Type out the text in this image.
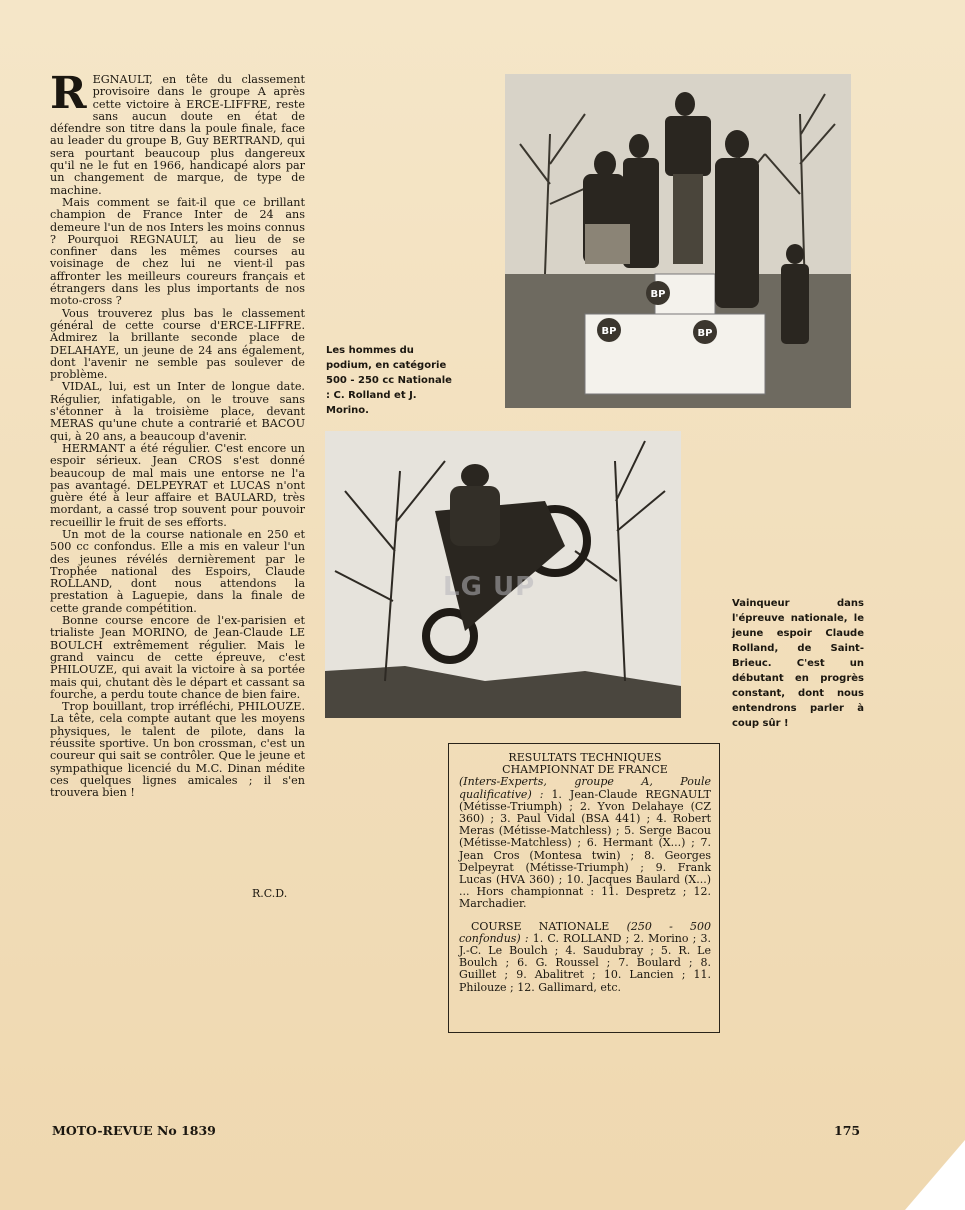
REGNAULT, en tête du classement provisoire dans le groupe A après cette victoire à ERCE-LIFFRE, reste sans aucun doute en état de défendre son titre dans la poule finale, face au leader du groupe B, Guy BERTRAND, qui sera pourtant beaucoup plus dangereux qu'il ne le fut en 1966, handicapé alors par un changement de marque, de type de machine.

Mais comment se fait-il que ce brillant champion de France Inter de 24 ans demeure l'un de nos Inters les moins connus ? Pourquoi REGNAULT, au lieu de se confiner dans les mêmes courses au voisinage de chez lui ne vient-il pas affronter les meilleurs coureurs français et étrangers dans les plus importants de nos moto-cross ?

Vous trouverez plus bas le classement général de cette course d'ERCE-LIFFRE. Admirez la brillante seconde place de DELAHAYE, un jeune de 24 ans également, dont l'avenir ne semble pas soulever de problème.

VIDAL, lui, est un Inter de longue date. Régulier, infatigable, on le trouve sans s'étonner à la troisième place, devant MERAS qu'une chute a contrarié et BACOU qui, à 20 ans, a beaucoup d'avenir.

HERMANT a été régulier. C'est encore un espoir sérieux. Jean CROS s'est donné beaucoup de mal mais une entorse ne l'a pas avantagé. DELPEYRAT et LUCAS n'ont guère été à leur affaire et BAULARD, très mordant, a cassé trop souvent pour pouvoir recueillir le fruit de ses efforts.

Un mot de la course nationale en 250 et 500 cc confondus. Elle a mis en valeur l'un des jeunes révélés dernièrement par le Trophée national des Espoirs, Claude ROLLAND, dont nous attendons la prestation à Laguepie, dans la finale de cette grande compétition.

Bonne course encore de l'ex-parisien et trialiste Jean MORINO, de Jean-Claude LE BOULCH extrêmement régulier. Mais le grand vaincu de cette épreuve, c'est PHILOUZE, qui avait la victoire à sa portée mais qui, chutant dès le départ et cassant sa fourche, a perdu toute chance de bien faire.

Trop bouillant, trop irréfléchi, PHILOUZE. La tête, cela compte autant que les moyens physiques, le talent de pilote, dans la réussite sportive. Un bon crossman, c'est un coureur qui sait se contrôler. Que le jeune et sympathique licencié du M.C. Dinan médite ces quelques lignes amicales ; il s'en trouvera bien !

R.C.D.
BP
BP	BP
Les hommes du podium, en catégorie 500 - 250 cc Nationale : C. Rolland et J. Morino.
LG UP
Vainqueur dans l'épreuve nationale, le jeune espoir Claude Rolland, de Saint-Brieuc. C'est un débutant en progrès constant, dont nous entendrons parler à coup sûr !
RESULTATS TECHNIQUES
CHAMPIONNAT DE FRANCE

(Inters-Experts, groupe A, Poule qualificative) : 1. Jean-Claude REGNAULT (Métisse-Triumph) ; 2. Yvon Delahaye (CZ 360) ; 3. Paul Vidal (BSA 441) ; 4. Robert Meras (Métisse-Matchless) ; 5. Serge Bacou (Métisse-Matchless) ; 6. Hermant (X...) ; 7. Jean Cros (Montesa twin) ; 8. Georges Delpeyrat (Métisse-Triumph) ; 9. Frank Lucas (HVA 360) ; 10. Jacques Baulard (X...) ... Hors championnat : 11. Despretz ; 12. Marchadier.

COURSE NATIONALE (250 - 500 confondus) : 1. C. ROLLAND ; 2. Morino ; 3. J.-C. Le Boulch ; 4. Saudubray ; 5. R. Le Boulch ; 6. G. Roussel ; 7. Boulard ; 8. Guillet ; 9. Abalitret ; 10. Lancien ; 11. Philouze ; 12. Gallimard, etc.

MOTO-REVUE No 1839	175
